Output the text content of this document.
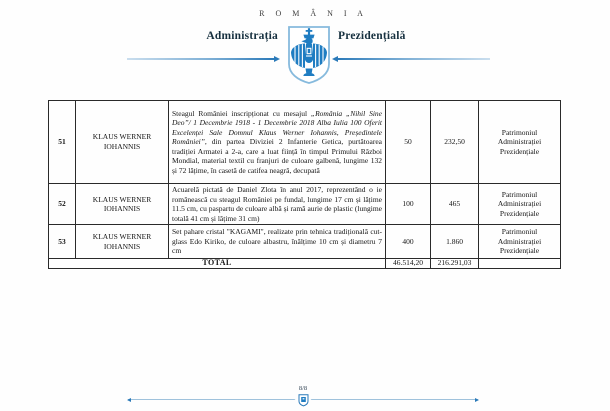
R O M Â N I A
Administrația	Prezidențială
51	KLAUS WERNER IOHANNIS	Steagul României inscripționat cu mesajul „România „Nihil Sine Deo”/ 1 Decembrie 1918 - 1 Decembrie 2018 Alba Iulia 100 Oferit Excelenței Sale Domnul Klaus Werner Iohannis, Președintele României”, din partea Diviziei 2 Infanterie Getica, purtătoarea tradiției Armatei a 2-a, care a luat ființă în timpul Primului Război Mondial, material textil cu franjuri de culoare galbenă, lungime 132 și 72 lățime, în casetă de catifea neagră, decupată	50	232,50	Patrimoniul Administrației Prezidențiale
52	KLAUS WERNER IOHANNIS	Acuarelă pictată de Daniel Zlota în anul 2017, reprezentând o ie românească cu steagul României pe fundal, lungime 17 cm și lățime 11.5 cm, cu paspartu de culoare albă și ramă aurie de plastic (lungime totală 41 cm și lățime 31 cm)	100	465	Patrimoniul Administrației Prezidențiale
53	KLAUS WERNER IOHANNIS	Set pahare cristal "KAGAMI", realizate prin tehnica tradițională cut-glass Edo Kiriko, de culoare albastru, înălțime 10 cm și diametru 7 cm	400	1.860	Patrimoniul Administrației Prezidențiale
TOTAL			46.514,20	216.291,03	
8/8
